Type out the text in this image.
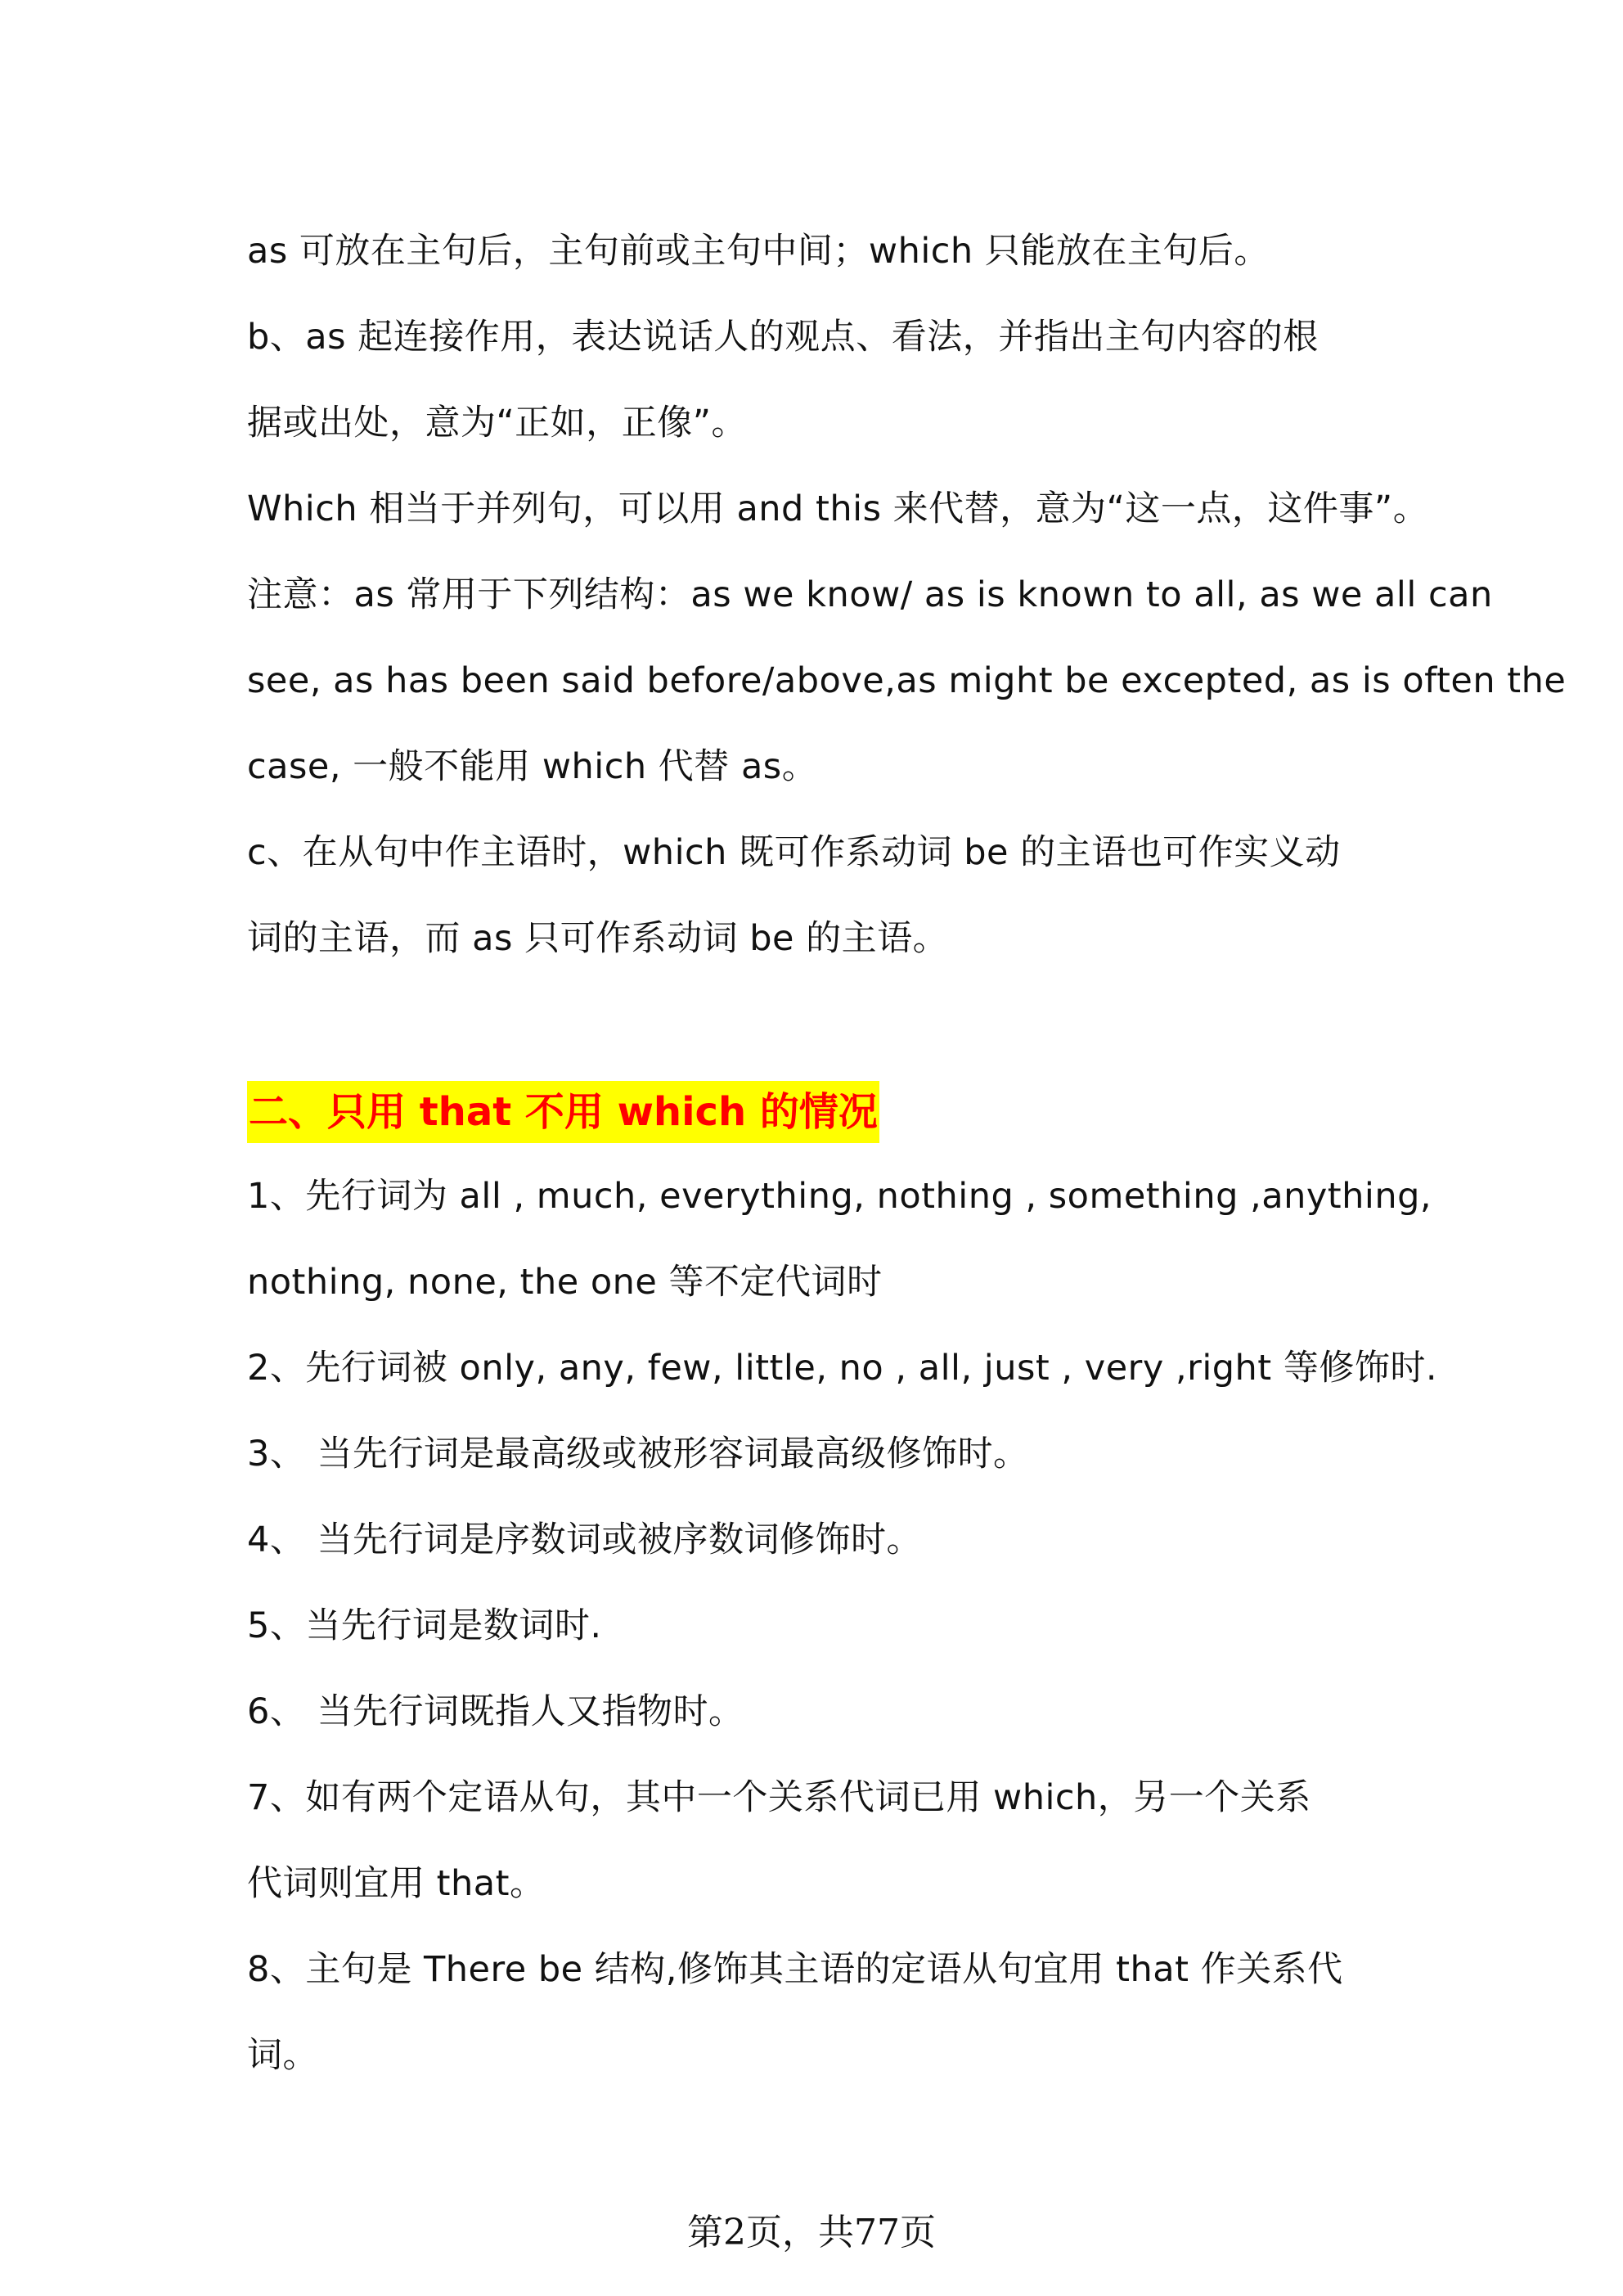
as 可放在主句后，主句前或主句中间；which 只能放在主句后。
b、as 起连接作用，表达说话人的观点、看法，并指出主句内容的根
据或出处，意为“正如，正像”。
Which 相当于并列句，可以用 and this 来代替，意为“这一点，这件事”。
注意：as 常用于下列结构：as we know/ as is known to all, as we all can
see, as has been said before/above,as might be excepted, as is often the
case, 一般不能用 which 代替 as。
c、在从句中作主语时，which 既可作系动词 be 的主语也可作实义动
词的主语，而 as 只可作系动词 be 的主语。
二、只用 that 不用 which 的情况
1、先行词为 all , much, everything, nothing , something ,anything,
nothing, none, the one 等不定代词时
2、先行词被 only, any, few, little, no , all, just , very ,right 等修饰时.
3、 当先行词是最高级或被形容词最高级修饰时。
4、 当先行词是序数词或被序数词修饰时。
5、当先行词是数词时.
6、 当先行词既指人又指物时。
7、如有两个定语从句，其中一个关系代词已用 which，另一个关系
代词则宜用 that。
8、主句是 There be 结构,修饰其主语的定语从句宜用 that 作关系代
词。
第2页，共77页
